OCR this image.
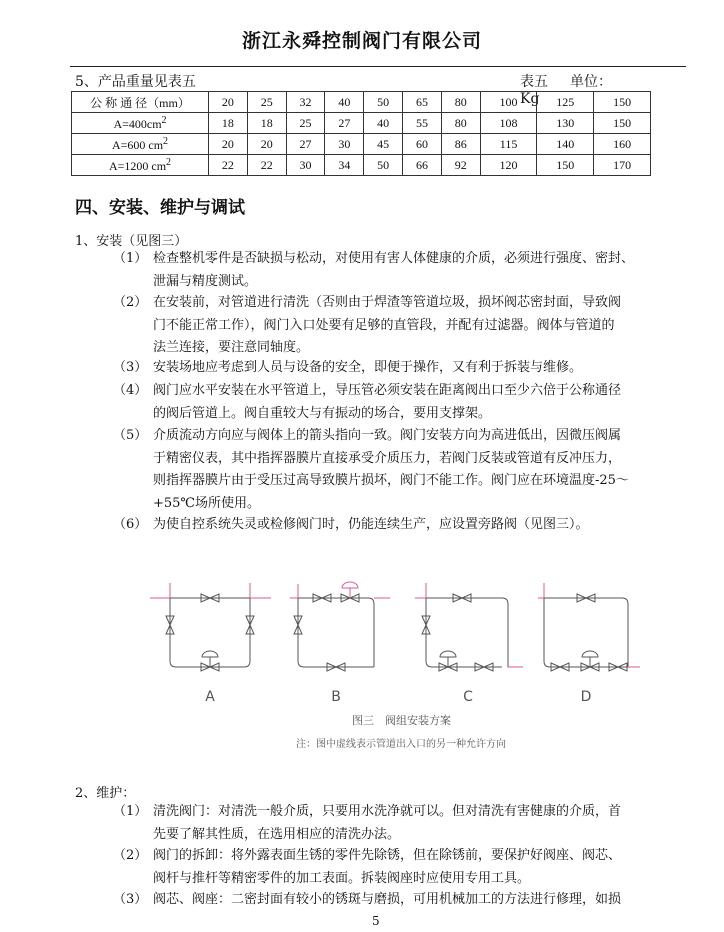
浙江永舜控制阀门有限公司
5、产品重量见表五	表五 单位：Kg
公 称 通 径（mm）	20	25	32	40	50	65	80	100	125	150
$A=400cm^2$	18	18	25	27	40	55	80	108	130	150
A=600 $cm^2$	20	20	27	30	45	60	86	115	140	160
A=1200 $cm^2$	22	22	30	34	50	66	92	120	150	170
四、安装、维护与调试
1、安装（见图三）
（1） 检查整机零件是否缺损与松动，对使用有害人体健康的介质，必须进行强度、密封、
泄漏与精度测试。
（2） 在安装前，对管道进行清洗（否则由于焊渣等管道垃圾，损坏阀芯密封面，导致阀
门不能正常工作），阀门入口处要有足够的直管段，并配有过滤器。阀体与管道的
法兰连接，要注意同轴度。
（3） 安装场地应考虑到人员与设备的安全，即便于操作，又有利于拆装与维修。
（4） 阀门应水平安装在水平管道上，导压管必须安装在距离阀出口至少六倍于公称通径
的阀后管道上。阀自重较大与有振动的场合，要用支撑架。
（5） 介质流动方向应与阀体上的箭头指向一致。阀门安装方向为高进低出，因微压阀属
于精密仪表，其中指挥器膜片直接承受介质压力，若阀门反装或管道有反冲压力，
则指挥器膜片由于受压过高导致膜片损坏，阀门不能工作。阀门应在环境温度-25～
+55℃场所使用。
（6） 为使自控系统失灵或检修阀门时，仍能连续生产，应设置旁路阀（见图三）。
A	B	C	D
图三　阀组安装方案
注：图中虚线表示管道出入口的另一种允许方向
2、维护：
（1） 清洗阀门：对清洗一般介质，只要用水洗净就可以。但对清洗有害健康的介质，首
先要了解其性质，在选用相应的清洗办法。
（2） 阀门的拆卸：将外露表面生锈的零件先除锈，但在除锈前，要保护好阀座、阀芯、
阀杆与推杆等精密零件的加工表面。拆装阀座时应使用专用工具。
（3） 阀芯、阀座：二密封面有较小的锈斑与磨损，可用机械加工的方法进行修理，如损
5
